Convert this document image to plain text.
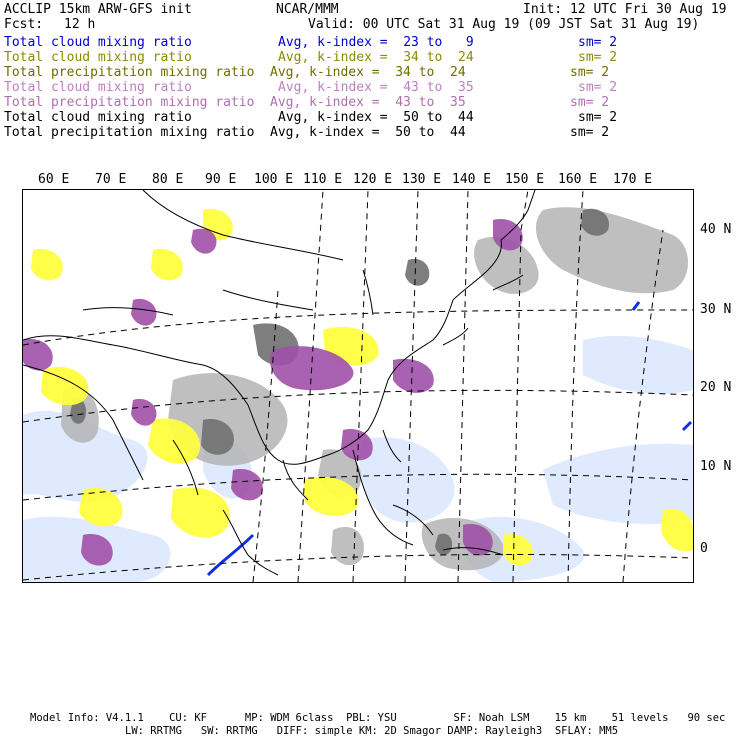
ACCLIP 15km ARW-GFS init	NCAR/MMM	Init: 12 UTC Fri 30 Aug 19
Fcst: 12 h	Valid: 00 UTC Sat 31 Aug 19 (09 JST Sat 31 Aug 19)
Total cloud mixing ratio	Avg, k-index =  23 to   9	sm= 2
Total cloud mixing ratio	Avg, k-index =  34 to  24	sm= 2
Total precipitation mixing ratio Avg, k-index =  34 to  24	sm= 2
Total cloud mixing ratio	Avg, k-index =  43 to  35	sm= 2
Total precipitation mixing ratio Avg, k-index =  43 to  35	sm= 2
Total cloud mixing ratio	Avg, k-index =  50 to  44	sm= 2
Total precipitation mixing ratio Avg, k-index =  50 to  44	sm= 2
60 E 70 E 80 E 90 E 100 E 110 E 120 E 130 E 140 E 150 E 160 E 170 E
40 N
30 N
20 N
10 N
0
Model Info: V4.1.1    CU: KF      MP: WDM 6class  PBL: YSU         SF: Noah LSM    15 km    51 levels   90 sec
LW: RRTMG   SW: RRTMG   DIFF: simple KM: 2D Smagor DAMP: Rayleigh3  SFLAY: MM5
